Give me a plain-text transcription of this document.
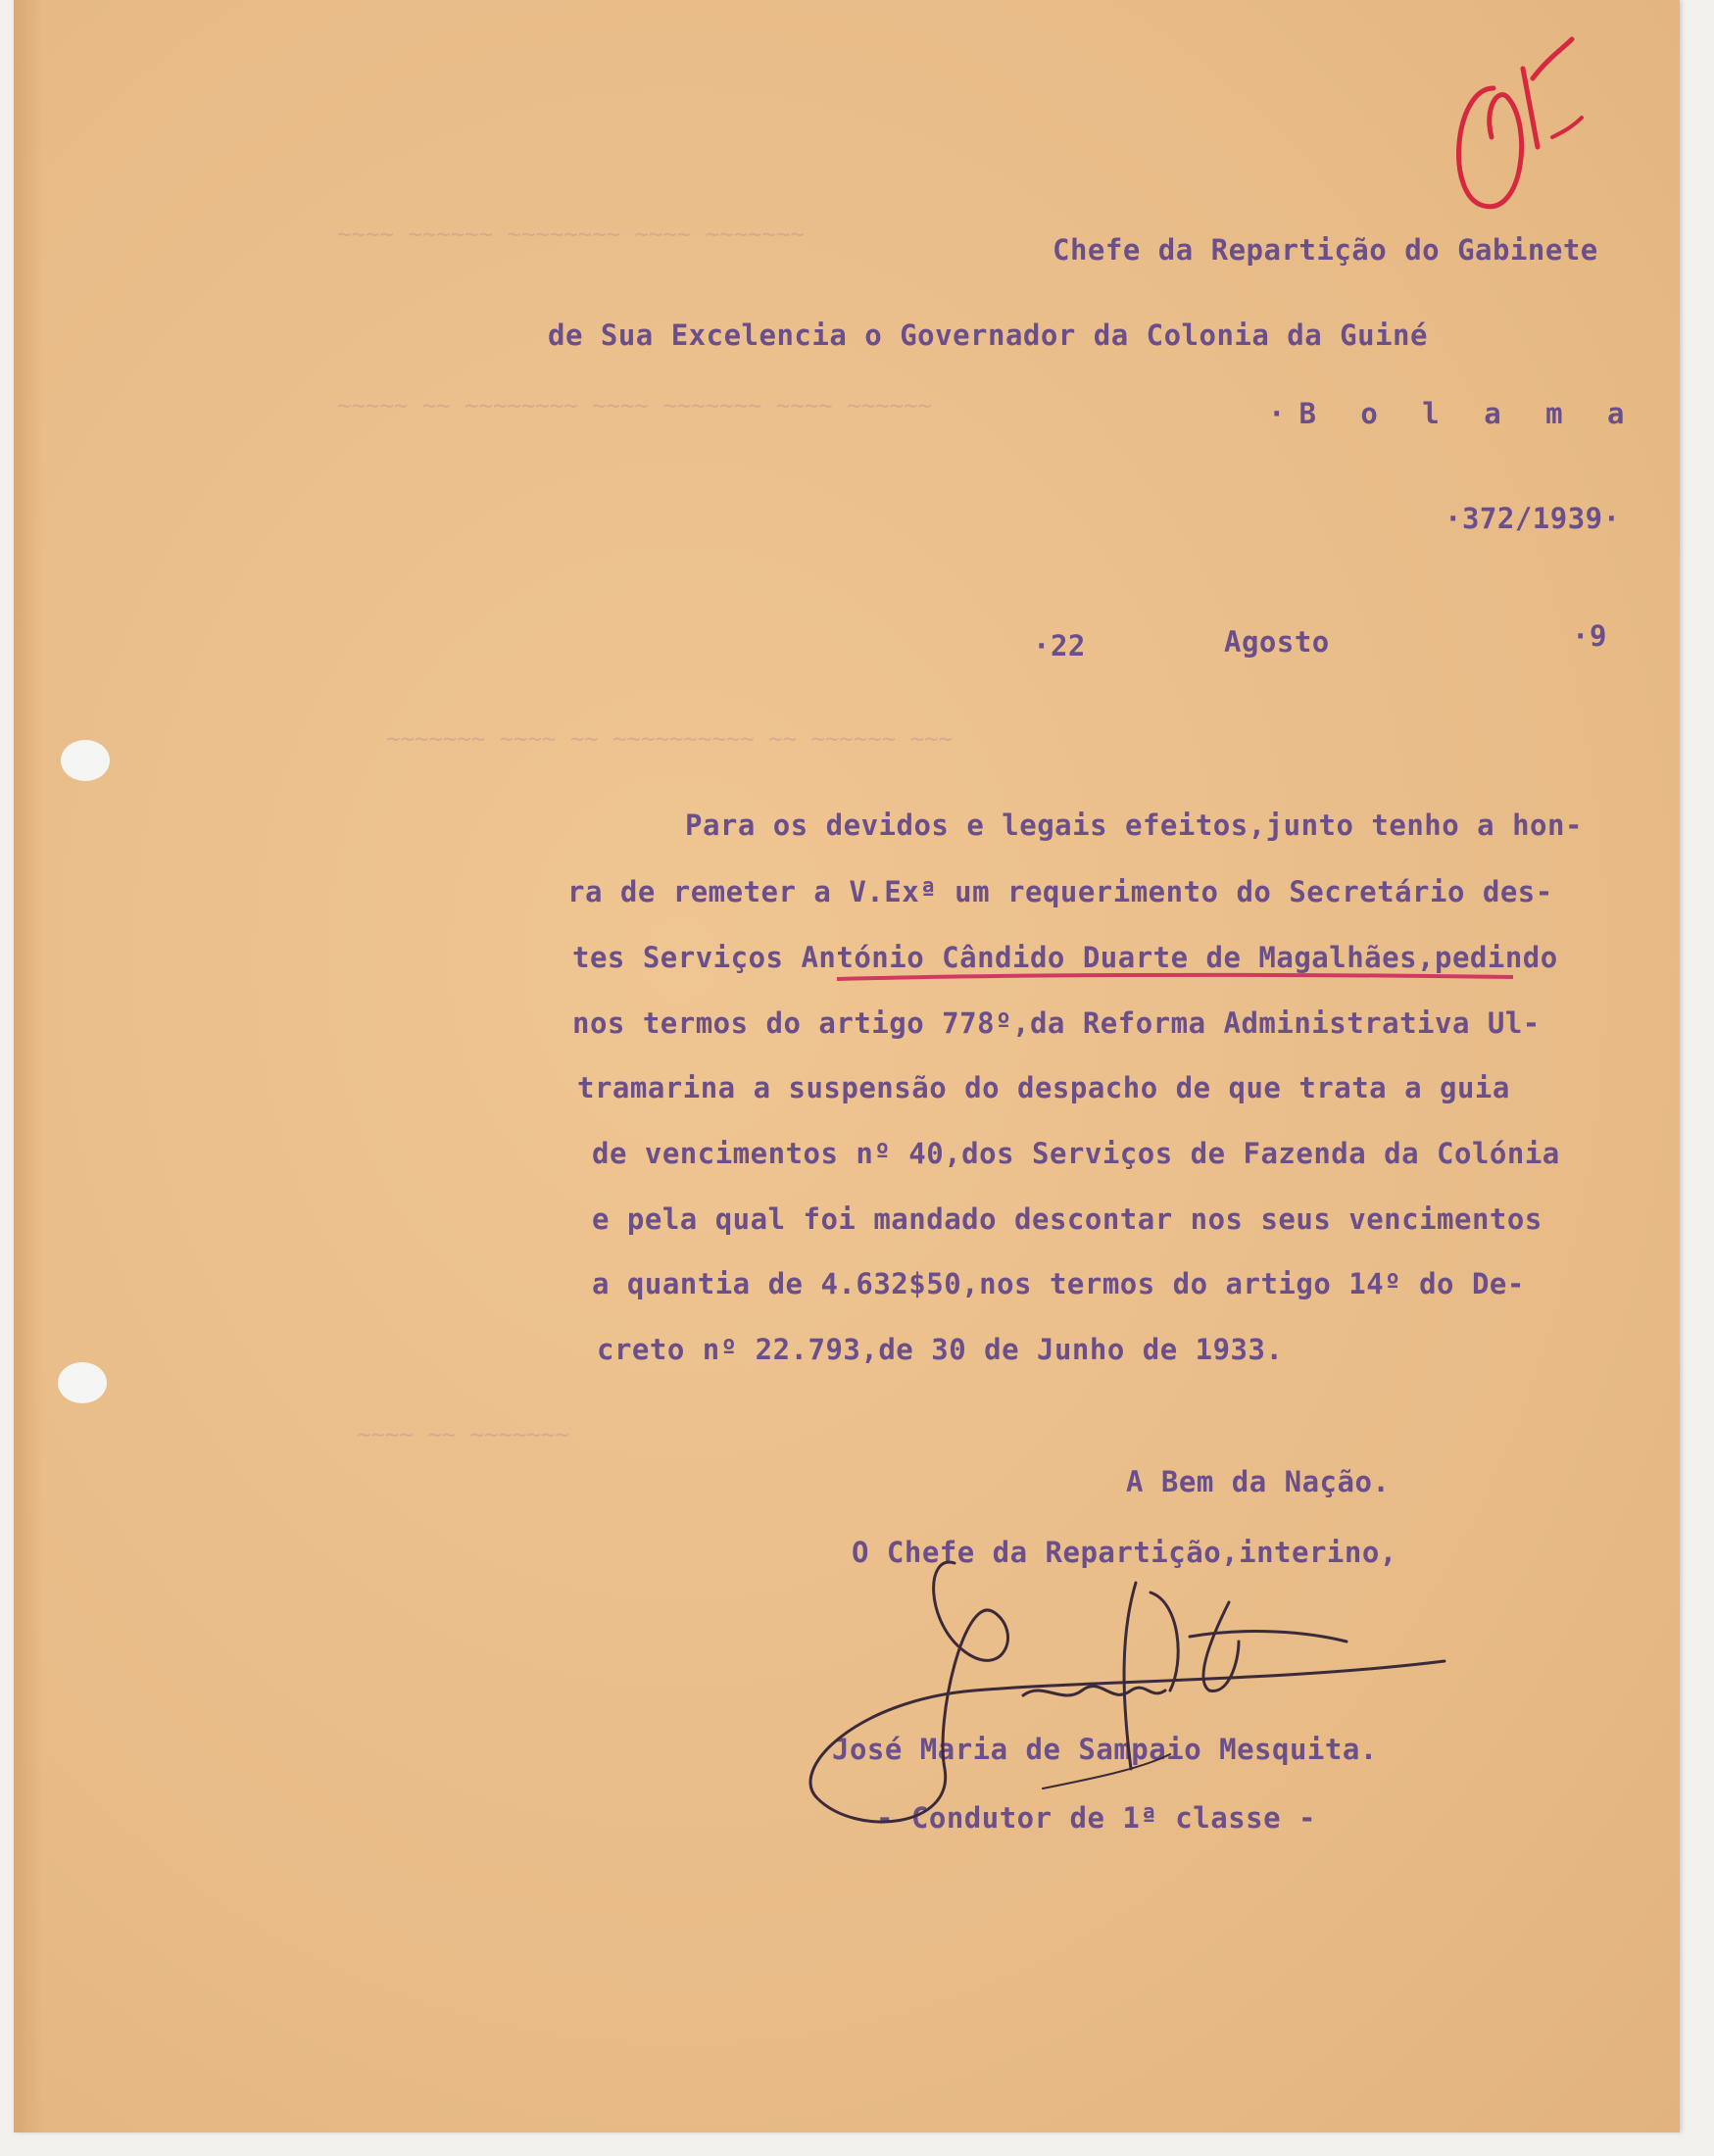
~~~~ ~~~~~~ ~~~~~~~~ ~~~~ ~~~~~~~
~~~~~ ~~ ~~~~~~~~ ~~~~ ~~~~~~~ ~~~~ ~~~~~~
~~~~~~~ ~~~~ ~~ ~~~~~~~~~~ ~~ ~~~~~~ ~~~
~~~~ ~~ ~~~~~~~
Chefe da Repartição do Gabinete
de Sua Excelencia o Governador da Colonia da Guiné
·B o l a m a
·372/1939·
·22	Agosto	·9
Para os devidos e legais efeitos,junto tenho a hon-
ra de remeter a V.Exª um requerimento do Secretário des-
tes Serviços António Cândido Duarte de Magalhães,pedindo
nos termos do artigo 778º,da Reforma Administrativa Ul-
tramarina a suspensão do despacho de que trata a guia
de vencimentos nº 40,dos Serviços de Fazenda da Colónia
e pela qual foi mandado descontar nos seus vencimentos
a quantia de 4.632$50,nos termos do artigo 14º do De-
creto nº 22.793,de 30 de Junho de 1933.
A Bem da Nação.
O Chefe da Repartição,interino,
José Maria de Sampaio Mesquita.
- Condutor de 1ª classe -
